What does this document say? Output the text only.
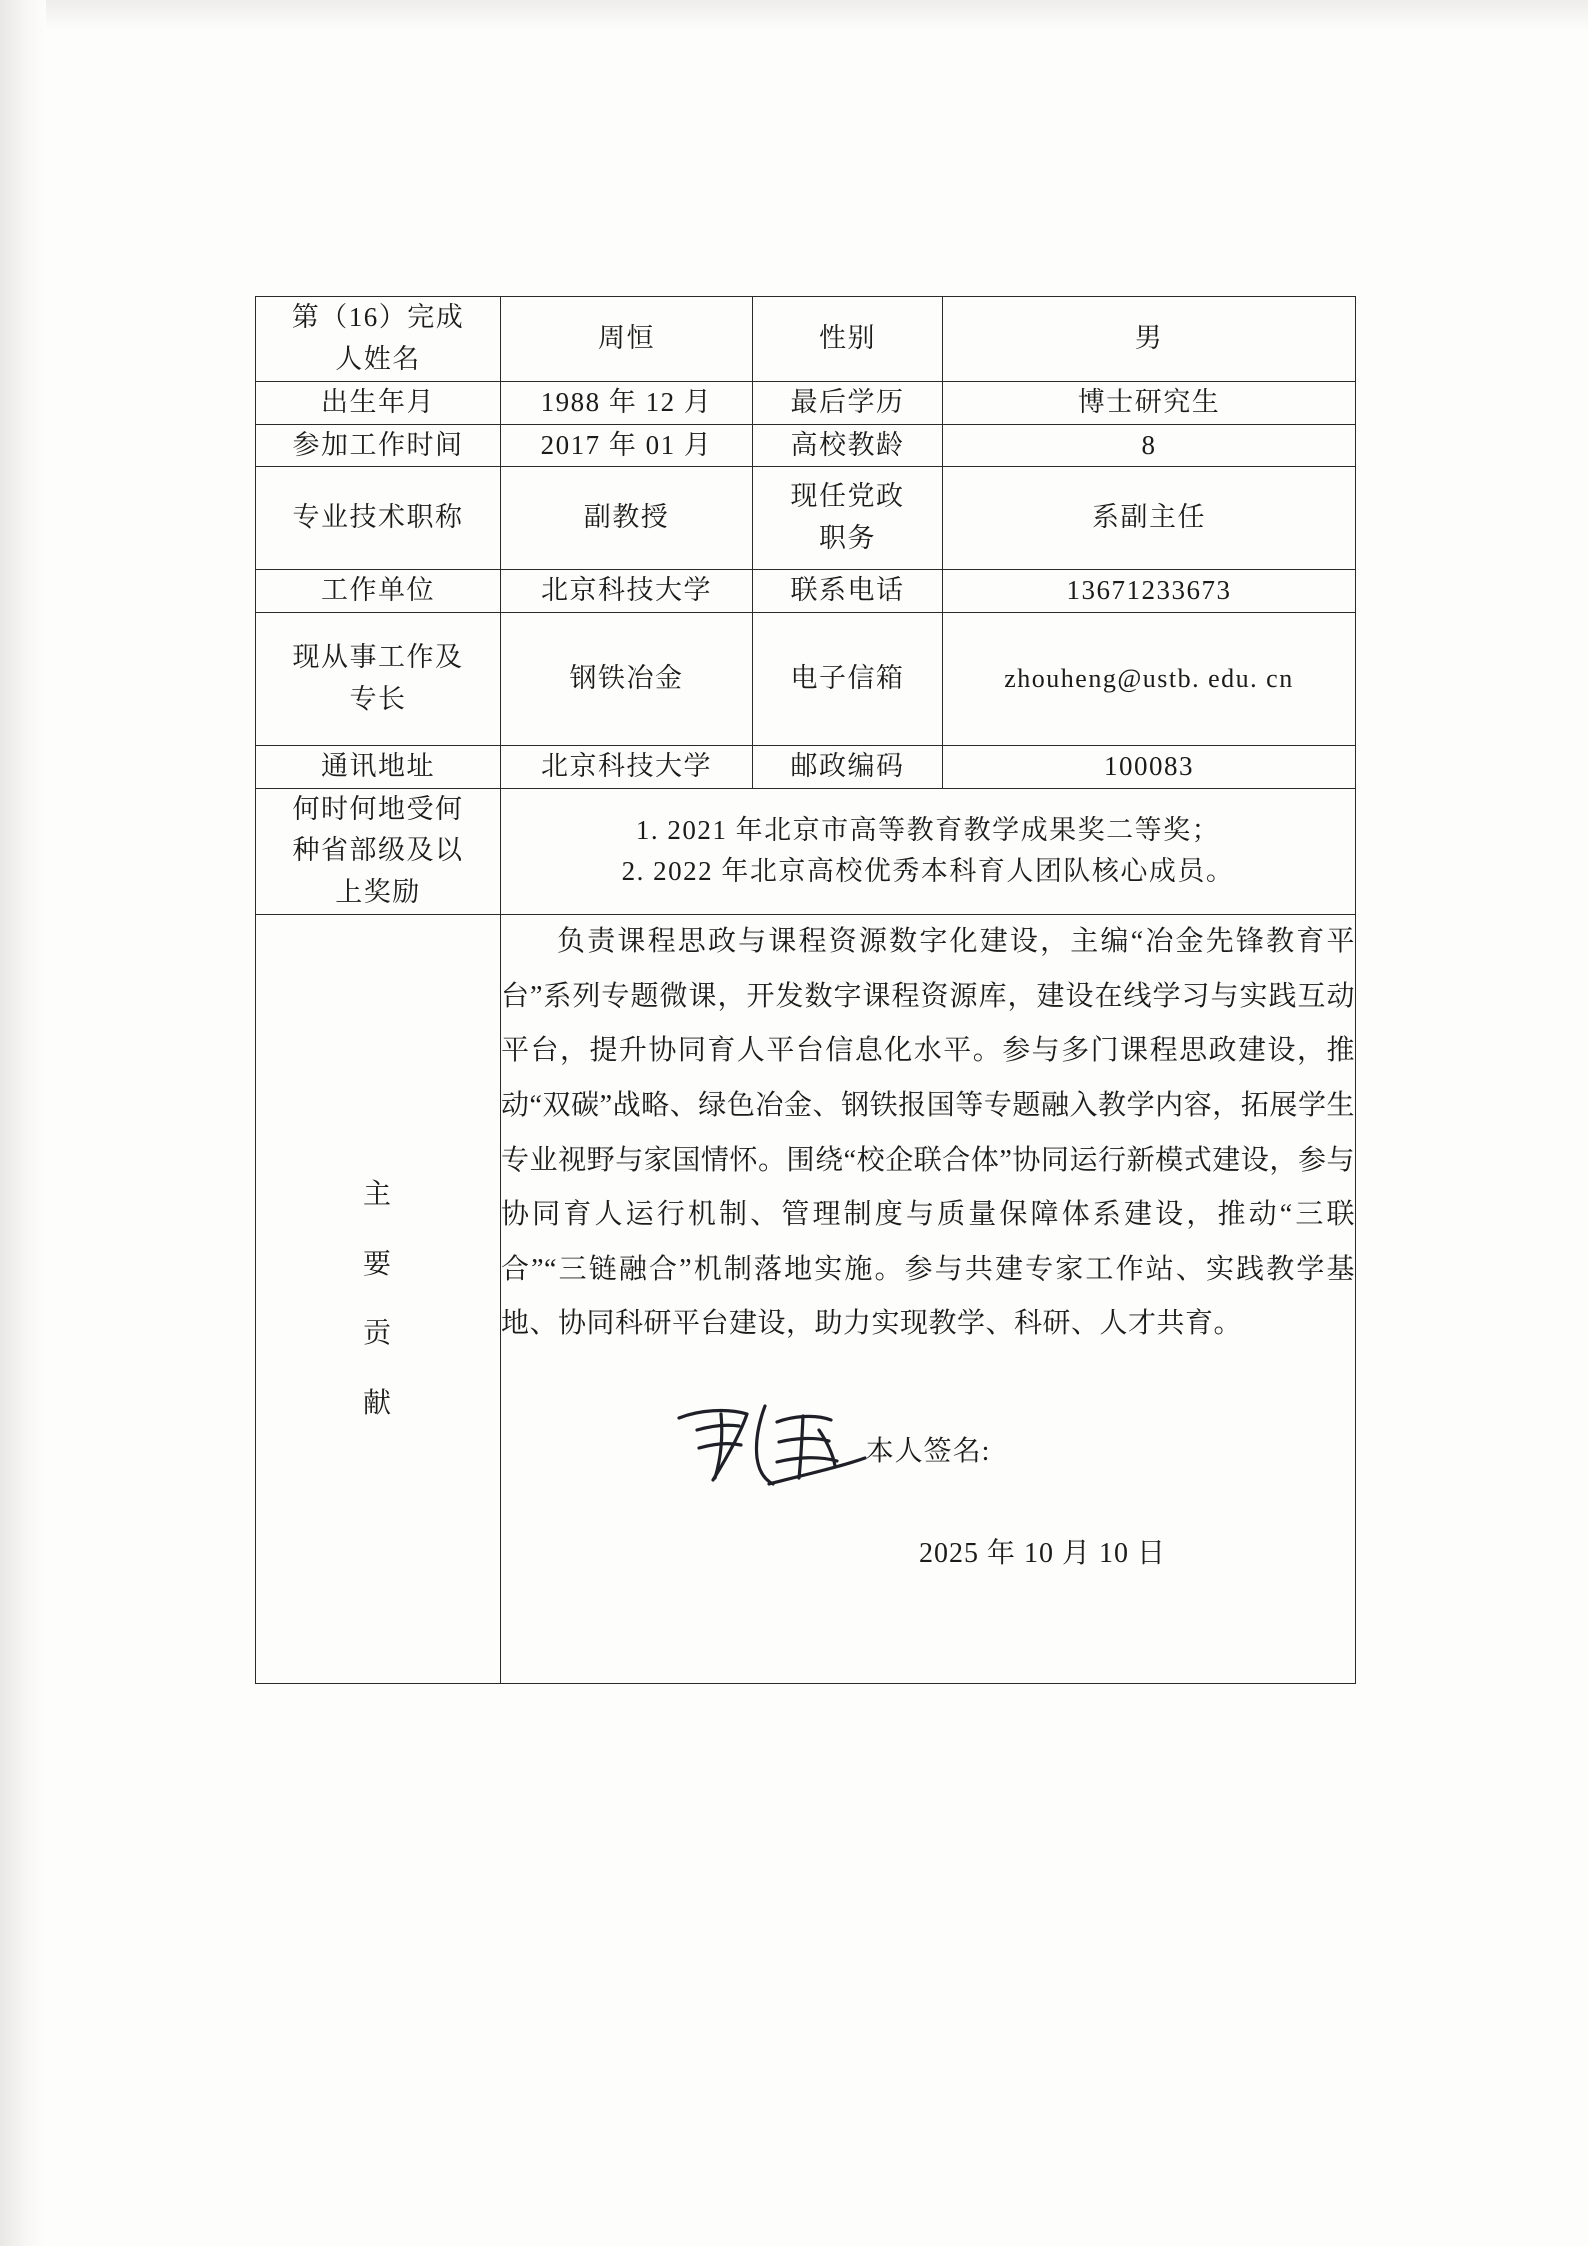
第（16）完成
人姓名	周恒	性别	男
出生年月	1988 年 12 月	最后学历	博士研究生
参加工作时间	2017 年 01 月	高校教龄	8
专业技术职称	副教授	现任党政
职务	系副主任
工作单位	北京科技大学	联系电话	13671233673

现从事工作及
专长	钢铁冶金	电子信箱	zhouheng@ustb. edu. cn
通讯地址	北京科技大学	邮政编码	100083

何时何地受何
种省部级及以
上奖励

1. 2021 年北京市高等教育教学成果奖二等奖；
2. 2022 年北京高校优秀本科育人团队核心成员。

主
要
贡
献

负责课程思政与课程资源数字化建设，主编“冶金先锋教育平台”系列专题微课，开发数字课程资源库，建设在线学习与实践互动平台，提升协同育人平台信息化水平。参与多门课程思政建设，推动“双碳”战略、绿色冶金、钢铁报国等专题融入教学内容，拓展学生专业视野与家国情怀。围绕“校企联合体”协同运行新模式建设，参与协同育人运行机制、管理制度与质量保障体系建设，推动“三联合”“三链融合”机制落地实施。参与共建专家工作站、实践教学基地、协同科研平台建设，助力实现教学、科研、人才共育。

本人签名:
2025 年 10 月 10 日
